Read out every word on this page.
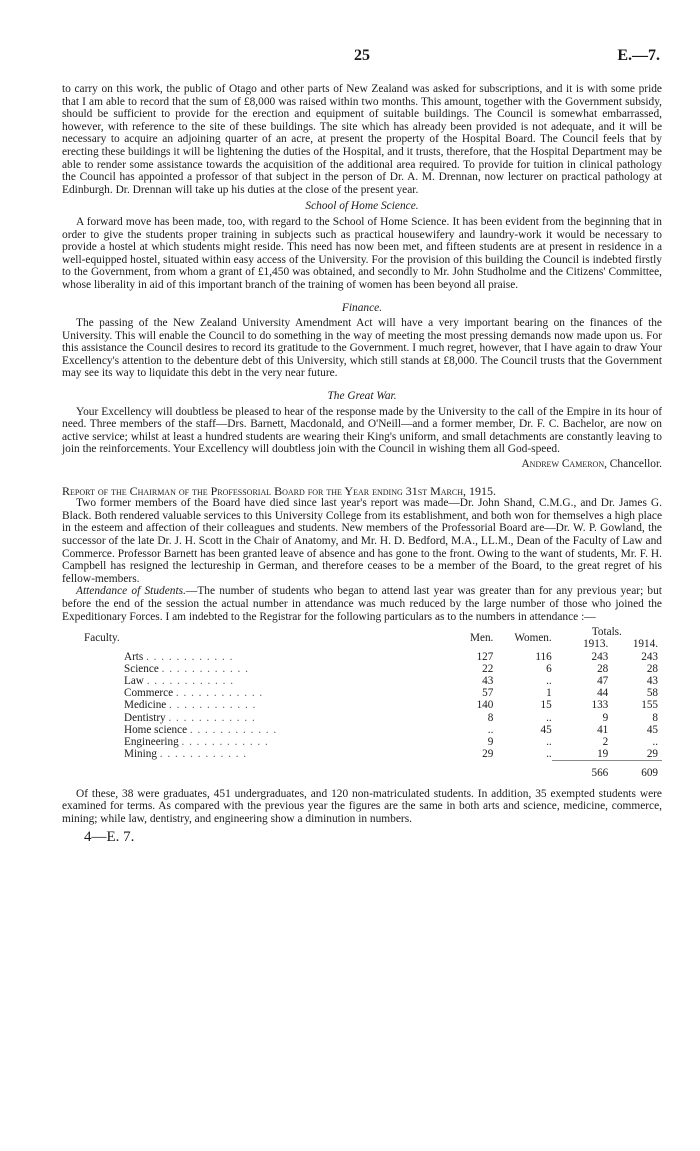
25	E.—7.

to carry on this work, the public of Otago and other parts of New Zealand was asked for subscriptions, and it is with some pride that I am able to record that the sum of £8,000 was raised within two months. This amount, together with the Government subsidy, should be sufficient to provide for the erection and equipment of suitable buildings. The Council is somewhat embarrassed, however, with reference to the site of these buildings. The site which has already been provided is not adequate, and it will be necessary to acquire an adjoining quarter of an acre, at present the property of the Hospital Board. The Council feels that by erecting these buildings it will be lightening the duties of the Hospital, and it trusts, therefore, that the Hospital Department may be able to render some assistance towards the acquisition of the additional area required. To provide for tuition in clinical pathology the Council has appointed a professor of that subject in the person of Dr. A. M. Drennan, now lecturer on practical pathology at Edinburgh. Dr. Drennan will take up his duties at the close of the present year.

School of Home Science.

A forward move has been made, too, with regard to the School of Home Science. It has been evident from the beginning that in order to give the students proper training in subjects such as practical housewifery and laundry-work it would be necessary to provide a hostel at which students might reside. This need has now been met, and fifteen students are at present in residence in a well-equipped hostel, situated within easy access of the University. For the provision of this building the Council is indebted firstly to the Government, from whom a grant of £1,450 was obtained, and secondly to Mr. John Studholme and the Citizens' Committee, whose liberality in aid of this important branch of the training of women has been beyond all praise.

Finance.

The passing of the New Zealand University Amendment Act will have a very important bearing on the finances of the University. This will enable the Council to do something in the way of meeting the most pressing demands now made upon us. For this assistance the Council desires to record its gratitude to the Government. I much regret, however, that I have again to draw Your Excellency's attention to the debenture debt of this University, which still stands at £8,000. The Council trusts that the Government may see its way to liquidate this debt in the very near future.

The Great War.

Your Excellency will doubtless be pleased to hear of the response made by the University to the call of the Empire in its hour of need. Three members of the staff—Drs. Barnett, Macdonald, and O'Neill—and a former member, Dr. F. C. Bachelor, are now on active service; whilst at least a hundred students are wearing their King's uniform, and small detachments are constantly leaving to join the reinforcements. Your Excellency will doubtless join with the Council in wishing them all God-speed.

Andrew Cameron, Chancellor.
Report of the Chairman of the Professorial Board for the Year ending 31st March, 1915.

Two former members of the Board have died since last year's report was made—Dr. John Shand, C.M.G., and Dr. James G. Black. Both rendered valuable services to this University College from its establishment, and both won for themselves a high place in the esteem and affection of their colleagues and students. New members of the Professorial Board are—Dr. W. P. Gowland, the successor of the late Dr. J. H. Scott in the Chair of Anatomy, and Mr. H. D. Bedford, M.A., LL.M., Dean of the Faculty of Law and Commerce. Professor Barnett has been granted leave of absence and has gone to the front. Owing to the want of students, Mr. F. H. Campbell has resigned the lectureship in German, and therefore ceases to be a member of the Board, to the great regret of his fellow-members.

Attendance of Students.—The number of students who began to attend last year was greater than for any previous year; but before the end of the session the actual number in attendance was much reduced by the large number of those who joined the Expeditionary Forces. I am indebted to the Registrar for the following particulars as to the numbers in attendance :—

Faculty.	Men.	Women.	Totals.	
			1913.	1914.
Arts . . . . . . . . . . . .	127	116	243	243
Science . . . . . . . . . . . .	22	6	28	28
Law . . . . . . . . . . . .	43	..	47	43
Commerce . . . . . . . . . . . .	57	1	44	58
Medicine . . . . . . . . . . . .	140	15	133	155
Dentistry . . . . . . . . . . . .	8	..	9	8
Home science . . . . . . . . . . . .	..	45	41	45
Engineering . . . . . . . . . . . .	9	..	2	..
Mining . . . . . . . . . . . .	29	..	19	29
			566	609

Of these, 38 were graduates, 451 undergraduates, and 120 non-matriculated students. In addition, 35 exempted students were examined for terms. As compared with the previous year the figures are the same in both arts and science, medicine, commerce, mining; while law, dentistry, and engineering show a diminution in numbers.

4—E. 7.
